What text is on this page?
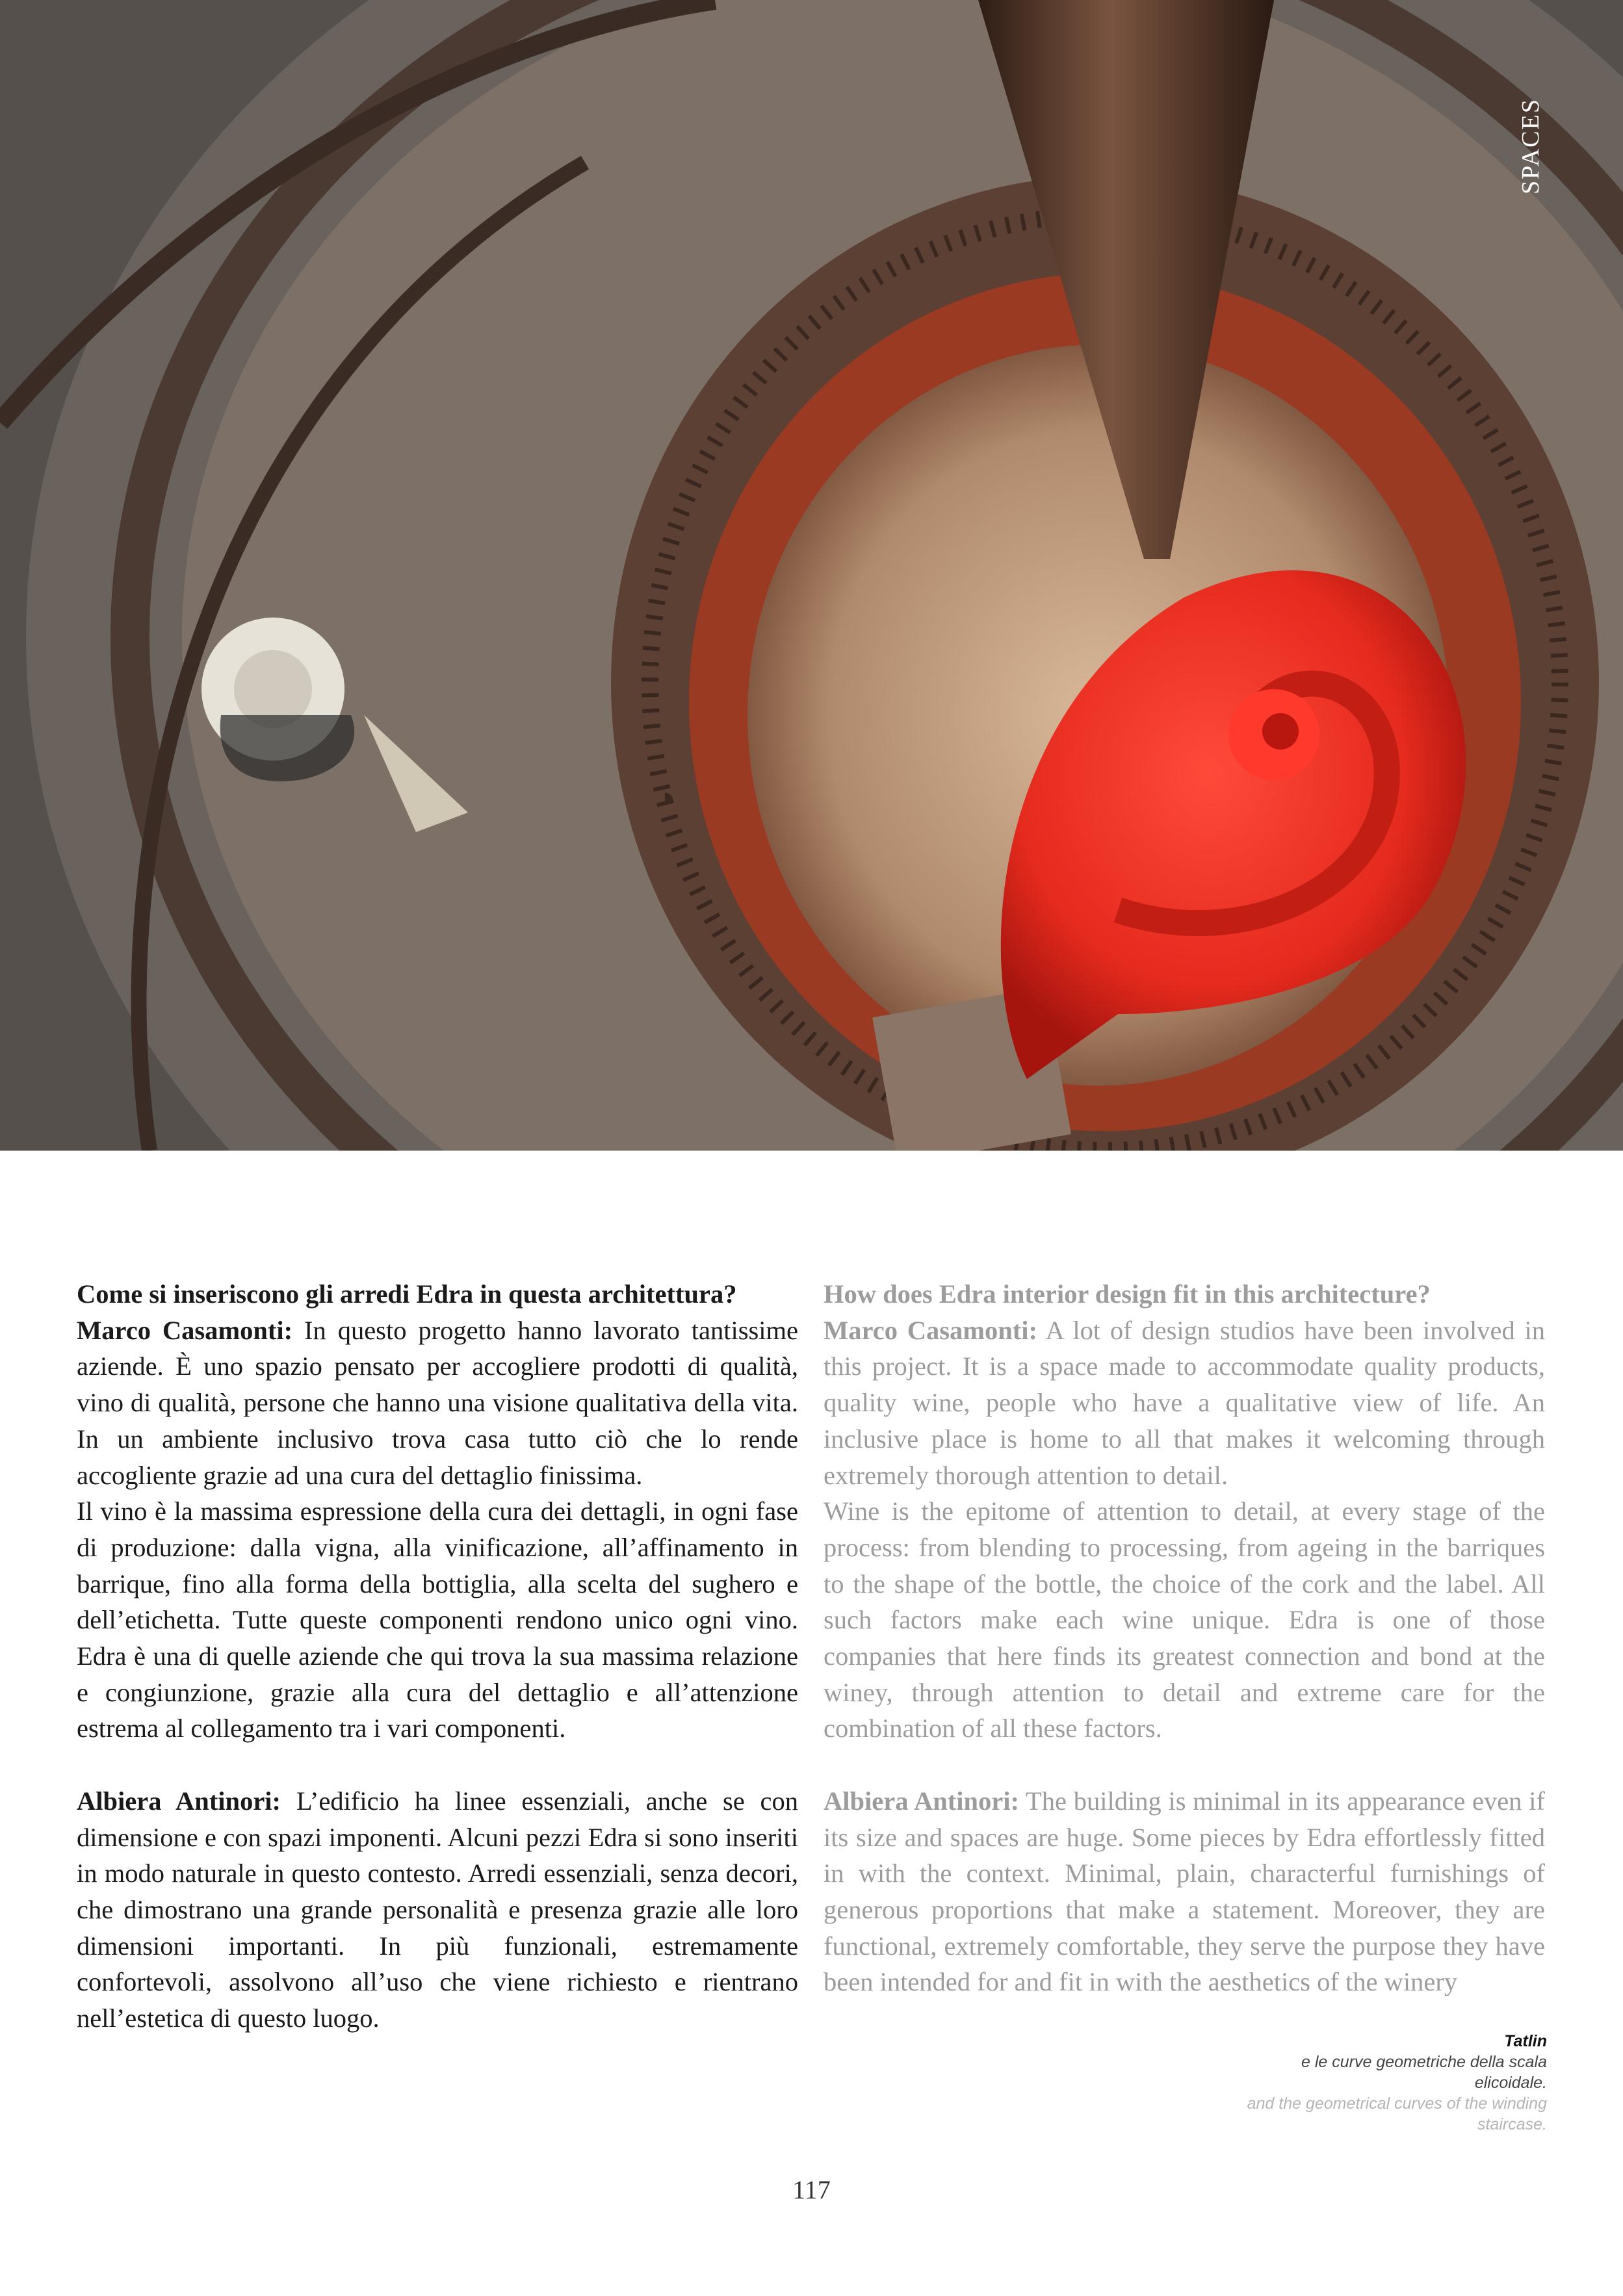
SPACES

Come si inseriscono gli arredi Edra in questa architettura?
Marco Casamonti: In questo progetto hanno lavorato tantissime aziende. È uno spazio pensato per accogliere prodotti di qualità, vino di qualità, persone che hanno una visione qualitativa della vita. In un ambiente inclusivo trova casa tutto ciò che lo rende accogliente grazie ad una cura del dettaglio finissima.

Il vino è la massima espressione della cura dei dettagli, in ogni fase di produzione: dalla vigna, alla vinificazione, all’affinamento in barrique, fino alla forma della bottiglia, alla scelta del sughero e dell’etichetta. Tutte queste componenti rendono unico ogni vino. Edra è una di quelle aziende che qui trova la sua massima relazione e congiunzione, grazie alla cura del dettaglio e all’attenzione estrema al collegamento tra i vari componenti.

Albiera Antinori: L’edificio ha linee essenziali, anche se con dimensione e con spazi imponenti. Alcuni pezzi Edra si sono inseriti in modo naturale in questo contesto. Arredi essenziali, senza decori, che dimostrano una grande personalità e presenza grazie alle loro dimensioni importanti. In più funzionali, estremamente confortevoli, assolvono all’uso che viene richiesto e rientrano nell’estetica di questo luogo.

How does Edra interior design fit in this architecture?
Marco Casamonti: A lot of design studios have been involved in this project. It is a space made to accommodate quality products, quality wine, people who have a qualitative view of life. An inclusive place is home to all that makes it welcoming through extremely thorough attention to detail.

Wine is the epitome of attention to detail, at every stage of the process: from blending to processing, from ageing in the barriques to the shape of the bottle, the choice of the cork and the label. All such factors make each wine unique. Edra is one of those companies that here finds its greatest connection and bond at the winey, through attention to detail and extreme care for the combination of all these factors.

Albiera Antinori: The building is minimal in its appearance even if its size and spaces are huge. Some pieces by Edra effortlessly fitted in with the context. Minimal, plain, characterful furnishings of generous proportions that make a statement. Moreover, they are functional, extremely comfortable, they serve the purpose they have been intended for and fit in with the aesthetics of the winery

Tatlin
e le curve geometriche della scala
elicoidale.
and the geometrical curves of the winding
staircase.
117
